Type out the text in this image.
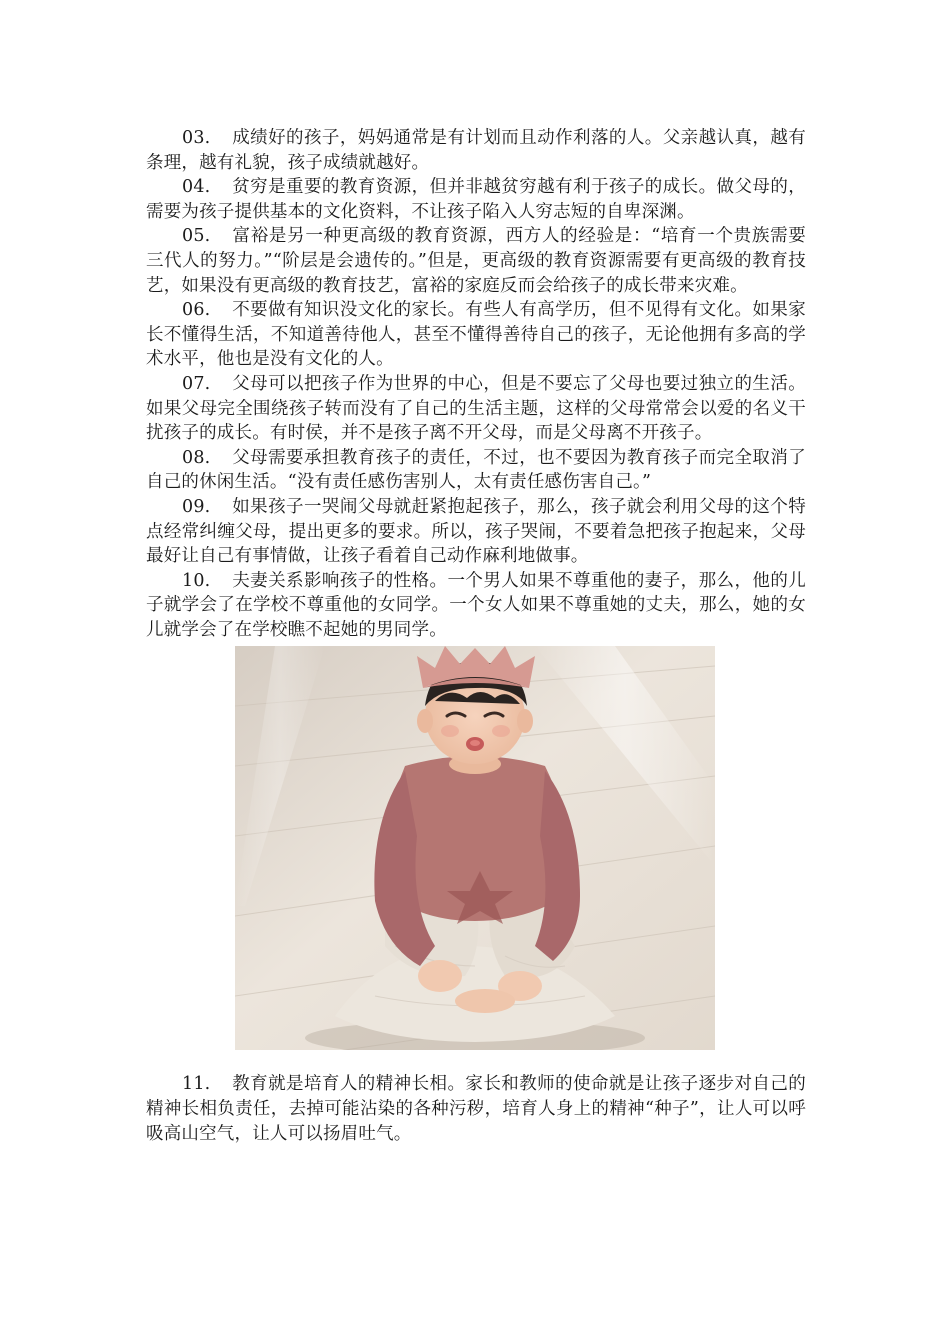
03. 成绩好的孩子，妈妈通常是有计划而且动作利落的人。父亲越认真，越有条理，越有礼貌，孩子成绩就越好。

04. 贫穷是重要的教育资源，但并非越贫穷越有利于孩子的成长。做父母的，需要为孩子提供基本的文化资料，不让孩子陷入人穷志短的自卑深渊。

05. 富裕是另一种更高级的教育资源，西方人的经验是：“培育一个贵族需要三代人的努力。”“阶层是会遗传的。”但是，更高级的教育资源需要有更高级的教育技艺，如果没有更高级的教育技艺，富裕的家庭反而会给孩子的成长带来灾难。

06. 不要做有知识没文化的家长。有些人有高学历，但不见得有文化。如果家长不懂得生活，不知道善待他人，甚至不懂得善待自己的孩子，无论他拥有多高的学术水平，他也是没有文化的人。

07. 父母可以把孩子作为世界的中心，但是不要忘了父母也要过独立的生活。如果父母完全围绕孩子转而没有了自己的生活主题，这样的父母常常会以爱的名义干扰孩子的成长。有时侯，并不是孩子离不开父母，而是父母离不开孩子。

08. 父母需要承担教育孩子的责任，不过，也不要因为教育孩子而完全取消了自己的休闲生活。“没有责任感伤害别人，太有责任感伤害自己。”

09. 如果孩子一哭闹父母就赶紧抱起孩子，那么，孩子就会利用父母的这个特点经常纠缠父母，提出更多的要求。所以，孩子哭闹，不要着急把孩子抱起来，父母最好让自己有事情做，让孩子看着自己动作麻利地做事。

10. 夫妻关系影响孩子的性格。一个男人如果不尊重他的妻子，那么，他的儿子就学会了在学校不尊重他的女同学。一个女人如果不尊重她的丈夫，那么，她的女儿就学会了在学校瞧不起她的男同学。

11. 教育就是培育人的精神长相。家长和教师的使命就是让孩子逐步对自己的精神长相负责任，去掉可能沾染的各种污秽，培育人身上的精神“种子”，让人可以呼吸高山空气，让人可以扬眉吐气。
